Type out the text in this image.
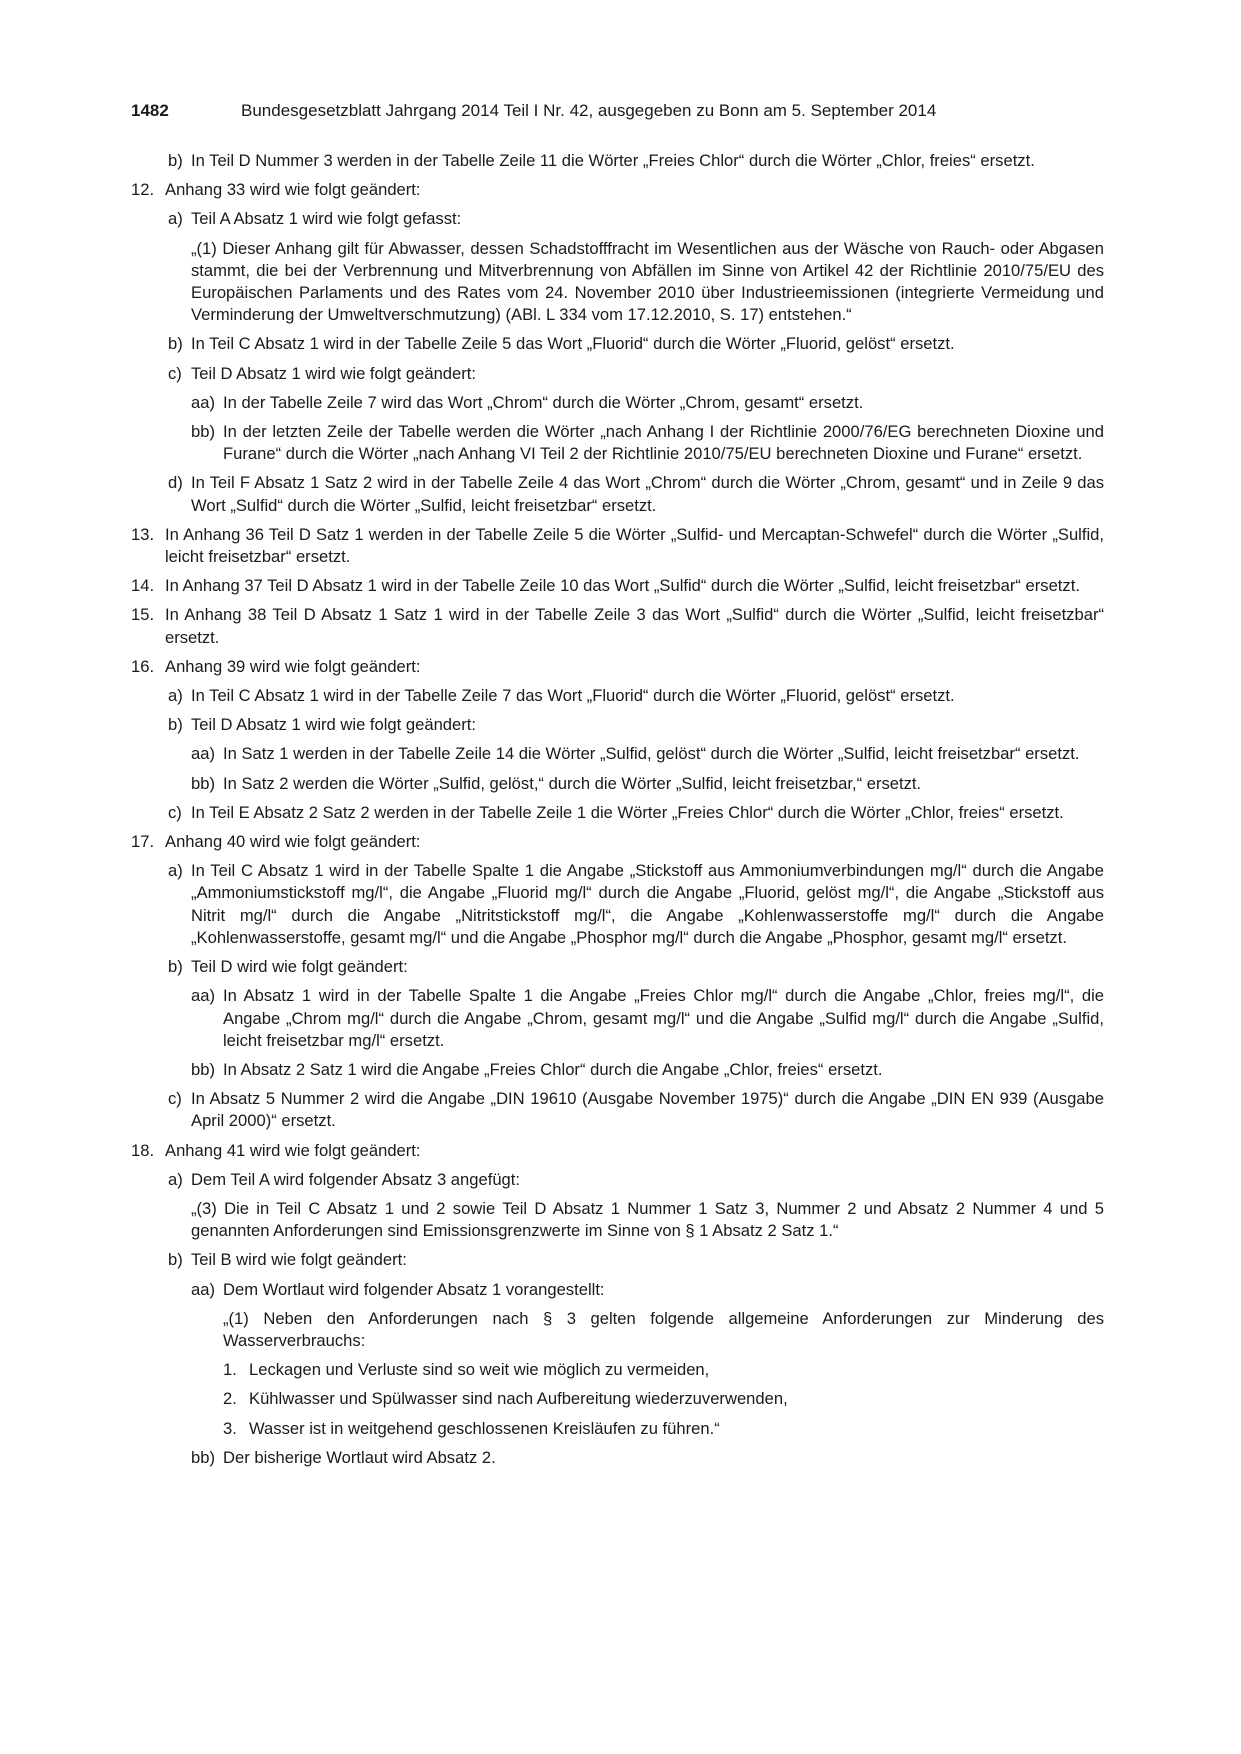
1482	Bundesgesetzblatt Jahrgang 2014 Teil I Nr. 42, ausgegeben zu Bonn am 5. September 2014
b) In Teil D Nummer 3 werden in der Tabelle Zeile 11 die Wörter „Freies Chlor“ durch die Wörter „Chlor, freies“ ersetzt.
12. Anhang 33 wird wie folgt geändert:
a) Teil A Absatz 1 wird wie folgt gefasst:
„(1) Dieser Anhang gilt für Abwasser, dessen Schadstofffracht im Wesentlichen aus der Wäsche von Rauch- oder Abgasen stammt, die bei der Verbrennung und Mitverbrennung von Abfällen im Sinne von Artikel 42 der Richtlinie 2010/75/EU des Europäischen Parlaments und des Rates vom 24. November 2010 über Industrieemissionen (integrierte Vermeidung und Verminderung der Umweltverschmutzung) (ABl. L 334 vom 17.12.2010, S. 17) entstehen.“
b) In Teil C Absatz 1 wird in der Tabelle Zeile 5 das Wort „Fluorid“ durch die Wörter „Fluorid, gelöst“ ersetzt.
c) Teil D Absatz 1 wird wie folgt geändert:
aa) In der Tabelle Zeile 7 wird das Wort „Chrom“ durch die Wörter „Chrom, gesamt“ ersetzt.
bb) In der letzten Zeile der Tabelle werden die Wörter „nach Anhang I der Richtlinie 2000/76/EG berechneten Dioxine und Furane“ durch die Wörter „nach Anhang VI Teil 2 der Richtlinie 2010/75/EU berechneten Dioxine und Furane“ ersetzt.
d) In Teil F Absatz 1 Satz 2 wird in der Tabelle Zeile 4 das Wort „Chrom“ durch die Wörter „Chrom, gesamt“ und in Zeile 9 das Wort „Sulfid“ durch die Wörter „Sulfid, leicht freisetzbar“ ersetzt.
13. In Anhang 36 Teil D Satz 1 werden in der Tabelle Zeile 5 die Wörter „Sulfid- und Mercaptan-Schwefel“ durch die Wörter „Sulfid, leicht freisetzbar“ ersetzt.
14. In Anhang 37 Teil D Absatz 1 wird in der Tabelle Zeile 10 das Wort „Sulfid“ durch die Wörter „Sulfid, leicht freisetzbar“ ersetzt.
15. In Anhang 38 Teil D Absatz 1 Satz 1 wird in der Tabelle Zeile 3 das Wort „Sulfid“ durch die Wörter „Sulfid, leicht freisetzbar“ ersetzt.
16. Anhang 39 wird wie folgt geändert:
a) In Teil C Absatz 1 wird in der Tabelle Zeile 7 das Wort „Fluorid“ durch die Wörter „Fluorid, gelöst“ ersetzt.
b) Teil D Absatz 1 wird wie folgt geändert:
aa) In Satz 1 werden in der Tabelle Zeile 14 die Wörter „Sulfid, gelöst“ durch die Wörter „Sulfid, leicht freisetzbar“ ersetzt.
bb) In Satz 2 werden die Wörter „Sulfid, gelöst,“ durch die Wörter „Sulfid, leicht freisetzbar,“ ersetzt.
c) In Teil E Absatz 2 Satz 2 werden in der Tabelle Zeile 1 die Wörter „Freies Chlor“ durch die Wörter „Chlor, freies“ ersetzt.
17. Anhang 40 wird wie folgt geändert:
a) In Teil C Absatz 1 wird in der Tabelle Spalte 1 die Angabe „Stickstoff aus Ammoniumverbindungen mg/l“ durch die Angabe „Ammoniumstickstoff mg/l“, die Angabe „Fluorid mg/l“ durch die Angabe „Fluorid, gelöst mg/l“, die Angabe „Stickstoff aus Nitrit mg/l“ durch die Angabe „Nitritstickstoff mg/l“, die Angabe „Kohlenwasserstoffe mg/l“ durch die Angabe „Kohlenwasserstoffe, gesamt mg/l“ und die Angabe „Phosphor mg/l“ durch die Angabe „Phosphor, gesamt mg/l“ ersetzt.
b) Teil D wird wie folgt geändert:
aa) In Absatz 1 wird in der Tabelle Spalte 1 die Angabe „Freies Chlor mg/l“ durch die Angabe „Chlor, freies mg/l“, die Angabe „Chrom mg/l“ durch die Angabe „Chrom, gesamt mg/l“ und die Angabe „Sulfid mg/l“ durch die Angabe „Sulfid, leicht freisetzbar mg/l“ ersetzt.
bb) In Absatz 2 Satz 1 wird die Angabe „Freies Chlor“ durch die Angabe „Chlor, freies“ ersetzt.
c) In Absatz 5 Nummer 2 wird die Angabe „DIN 19610 (Ausgabe November 1975)“ durch die Angabe „DIN EN 939 (Ausgabe April 2000)“ ersetzt.
18. Anhang 41 wird wie folgt geändert:
a) Dem Teil A wird folgender Absatz 3 angefügt:
„(3) Die in Teil C Absatz 1 und 2 sowie Teil D Absatz 1 Nummer 1 Satz 3, Nummer 2 und Absatz 2 Nummer 4 und 5 genannten Anforderungen sind Emissionsgrenzwerte im Sinne von § 1 Absatz 2 Satz 1.“
b) Teil B wird wie folgt geändert:
aa) Dem Wortlaut wird folgender Absatz 1 vorangestellt:
„(1) Neben den Anforderungen nach § 3 gelten folgende allgemeine Anforderungen zur Minderung des Wasserverbrauchs:
1. Leckagen und Verluste sind so weit wie möglich zu vermeiden,
2. Kühlwasser und Spülwasser sind nach Aufbereitung wiederzuverwenden,
3. Wasser ist in weitgehend geschlossenen Kreisläufen zu führen.“
bb) Der bisherige Wortlaut wird Absatz 2.
